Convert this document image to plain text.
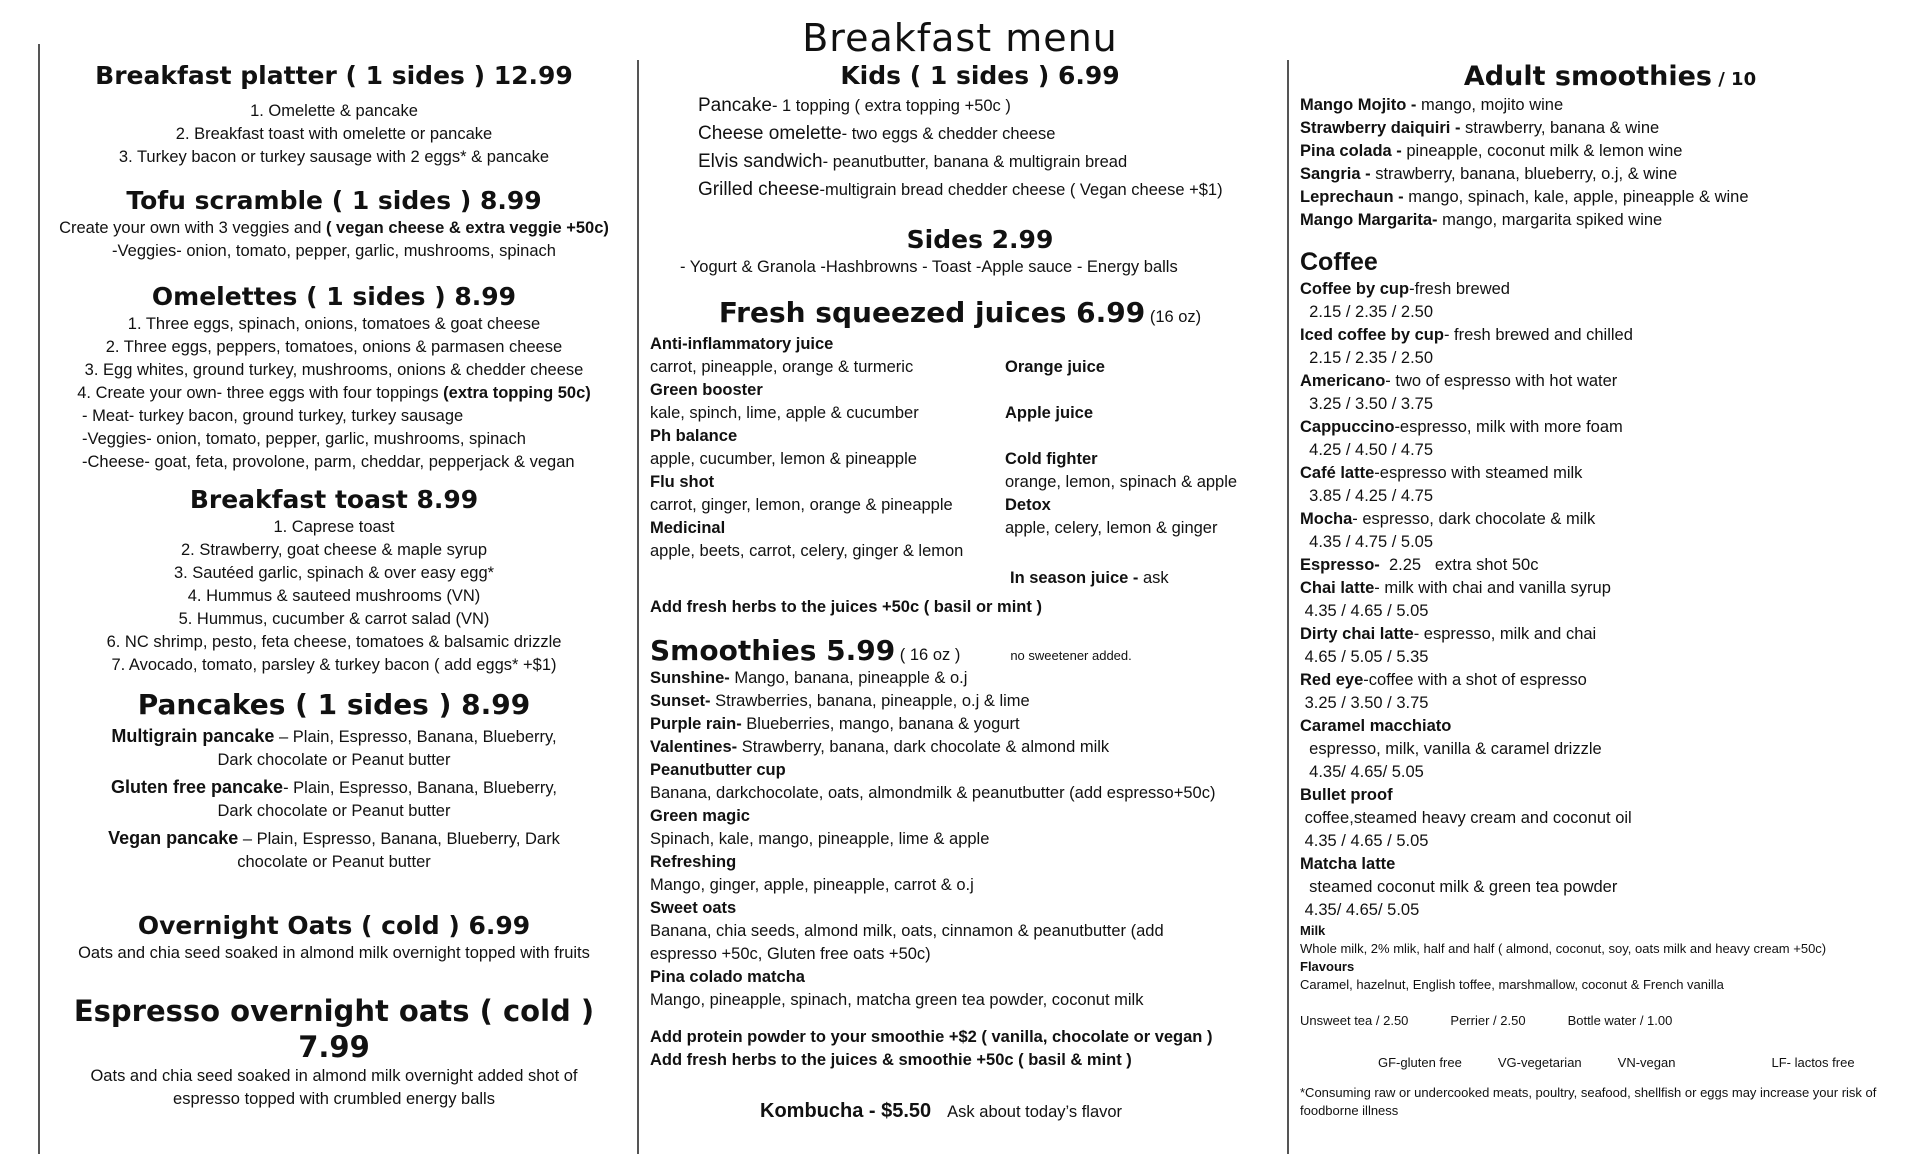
Breakfast menu
Breakfast platter ( 1 sides ) 12.99
1. Omelette & pancake
2. Breakfast toast with omelette or pancake
3. Turkey bacon or turkey sausage with 2 eggs* & pancake
Tofu scramble ( 1 sides ) 8.99
Create your own with 3 veggies and ( vegan cheese & extra veggie +50c)
-Veggies- onion, tomato, pepper, garlic, mushrooms, spinach
Omelettes ( 1 sides ) 8.99
1. Three eggs, spinach, onions, tomatoes & goat cheese
2. Three eggs, peppers, tomatoes, onions & parmasen cheese
3. Egg whites, ground turkey, mushrooms, onions & chedder cheese
4. Create your own- three eggs with four toppings (extra topping 50c)
- Meat- turkey bacon, ground turkey, turkey sausage
-Veggies- onion, tomato, pepper, garlic, mushrooms, spinach
-Cheese- goat, feta, provolone, parm, cheddar, pepperjack & vegan
Breakfast toast 8.99
1. Caprese toast
2. Strawberry, goat cheese & maple syrup
3. Sautéed garlic, spinach & over easy egg*
4. Hummus & sauteed mushrooms (VN)
5. Hummus, cucumber & carrot salad (VN)
6. NC shrimp, pesto, feta cheese, tomatoes & balsamic drizzle
7. Avocado, tomato, parsley & turkey bacon ( add eggs* +$1)
Pancakes ( 1 sides ) 8.99
Multigrain pancake – Plain, Espresso, Banana, Blueberry,
Dark chocolate or Peanut butter
Gluten free pancake- Plain, Espresso, Banana, Blueberry,
Dark chocolate or Peanut butter
Vegan pancake – Plain, Espresso, Banana, Blueberry, Dark
chocolate or Peanut butter
Overnight Oats ( cold ) 6.99
Oats and chia seed soaked in almond milk overnight topped with fruits
Espresso overnight oats ( cold ) 7.99
Oats and chia seed soaked in almond milk overnight added shot of
espresso topped with crumbled energy balls
Kids ( 1 sides ) 6.99
Pancake- 1 topping ( extra topping +50c )
Cheese omelette- two eggs & chedder cheese
Elvis sandwich- peanutbutter, banana & multigrain bread
Grilled cheese-multigrain bread chedder cheese ( Vegan cheese +$1)
Sides 2.99
- Yogurt & Granola -Hashbrowns - Toast -Apple sauce - Energy balls
Fresh squeezed juices 6.99 (16 oz)
Anti-inflammatory juice
carrot, pineapple, orange & turmeric	Orange juice
Green booster
kale, spinch, lime, apple & cucumber	Apple juice
Ph balance
apple, cucumber, lemon & pineapple	Cold fighter
Flu shot	orange, lemon, spinach & apple
carrot, ginger, lemon, orange & pineapple	Detox
Medicinal	apple, celery, lemon & ginger
apple, beets, carrot, celery, ginger & lemon
In season juice - ask
Add fresh herbs to the juices +50c ( basil or mint )
Smoothies 5.99 ( 16 oz )	no sweetener added.
Sunshine- Mango, banana, pineapple & o.j
Sunset- Strawberries, banana, pineapple, o.j & lime
Purple rain- Blueberries, mango, banana & yogurt
Valentines- Strawberry, banana, dark chocolate & almond milk
Peanutbutter cup
Banana, darkchocolate, oats, almondmilk & peanutbutter (add espresso+50c)
Green magic
Spinach, kale, mango, pineapple, lime & apple
Refreshing
Mango, ginger, apple, pineapple, carrot & o.j
Sweet oats
Banana, chia seeds, almond milk, oats, cinnamon & peanutbutter (add
espresso +50c, Gluten free oats +50c)
Pina colado matcha
Mango, pineapple, spinach, matcha green tea powder, coconut milk
Add protein powder to your smoothie +$2 ( vanilla, chocolate or vegan )
Add fresh herbs to the juices & smoothie +50c ( basil & mint )
Kombucha - $5.50 Ask about today’s flavor
Adult smoothies / 10
Mango Mojito - mango, mojito wine
Strawberry daiquiri - strawberry, banana & wine
Pina colada - pineapple, coconut milk & lemon wine
Sangria - strawberry, banana, blueberry, o.j, & wine
Leprechaun - mango, spinach, kale, apple, pineapple & wine
Mango Margarita- mango, margarita spiked wine
Coffee
Coffee by cup-fresh brewed
2.15 / 2.35 / 2.50
Iced coffee by cup- fresh brewed and chilled
2.15 / 2.35 / 2.50
Americano- two of espresso with hot water
3.25 / 3.50 / 3.75
Cappuccino-espresso, milk with more foam
4.25 / 4.50 / 4.75
Café latte-espresso with steamed milk
3.85 / 4.25 / 4.75
Mocha- espresso, dark chocolate & milk
4.35 / 4.75 / 5.05
Espresso-  2.25   extra shot 50c
Chai latte- milk with chai and vanilla syrup
4.35 / 4.65 / 5.05
Dirty chai latte- espresso, milk and chai
4.65 / 5.05 / 5.35
Red eye-coffee with a shot of espresso
3.25 / 3.50 / 3.75
Caramel macchiato
espresso, milk, vanilla & caramel drizzle
4.35/ 4.65/ 5.05
Bullet proof
coffee,steamed heavy cream and coconut oil
4.35 / 4.65 / 5.05
Matcha latte
steamed coconut milk & green tea powder
4.35/ 4.65/ 5.05
Milk
Whole milk, 2% mlik, half and half ( almond, coconut, soy, oats milk and heavy cream +50c)
Flavours
Caramel, hazelnut, English toffee, marshmallow, coconut & French vanilla
Unsweet tea / 2.50	Perrier / 2.50	Bottle water / 1.00
GF-gluten free	VG-vegetarian	VN-vegan	LF- lactos free
*Consuming raw or undercooked meats, poultry, seafood, shellfish or eggs may increase your risk of foodborne illness
